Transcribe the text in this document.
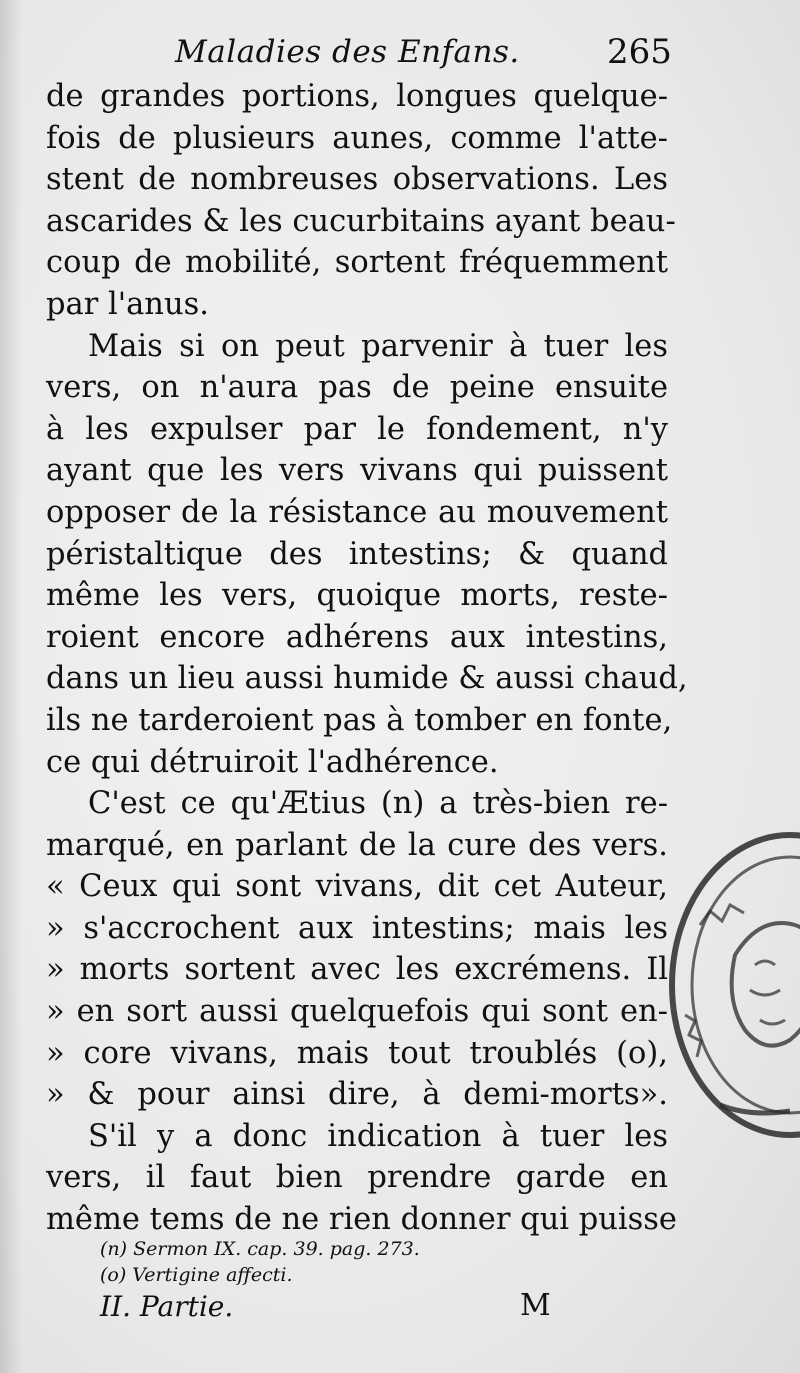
Maladies des Enfans.	265
de grandes portions, longues quelque-
fois de plusieurs aunes, comme l'atte-
stent de nombreuses observations. Les
ascarides & les cucurbitains ayant beau-
coup de mobilité, sortent fréquemment
par l'anus.
Mais si on peut parvenir à tuer les
vers, on n'aura pas de peine ensuite
à les expulser par le fondement, n'y
ayant que les vers vivans qui puissent
opposer de la résistance au mouvement
péristaltique des intestins; & quand
même les vers, quoique morts, reste-
roient encore adhérens aux intestins,
dans un lieu aussi humide & aussi chaud,
ils ne tarderoient pas à tomber en fonte,
ce qui détruiroit l'adhérence.
C'est ce qu'Ætius (n) a très-bien re-
marqué, en parlant de la cure des vers.
« Ceux qui sont vivans, dit cet Auteur,
» s'accrochent aux intestins; mais les
» morts sortent avec les excrémens. Il
» en sort aussi quelquefois qui sont en-
» core vivans, mais tout troublés (o),
» & pour ainsi dire, à demi-morts».
S'il y a donc indication à tuer les
vers, il faut bien prendre garde en
même tems de ne rien donner qui puisse
(n) Sermon IX. cap. 39. pag. 273.
(o) Vertigine affecti.
II. Partie.	M
